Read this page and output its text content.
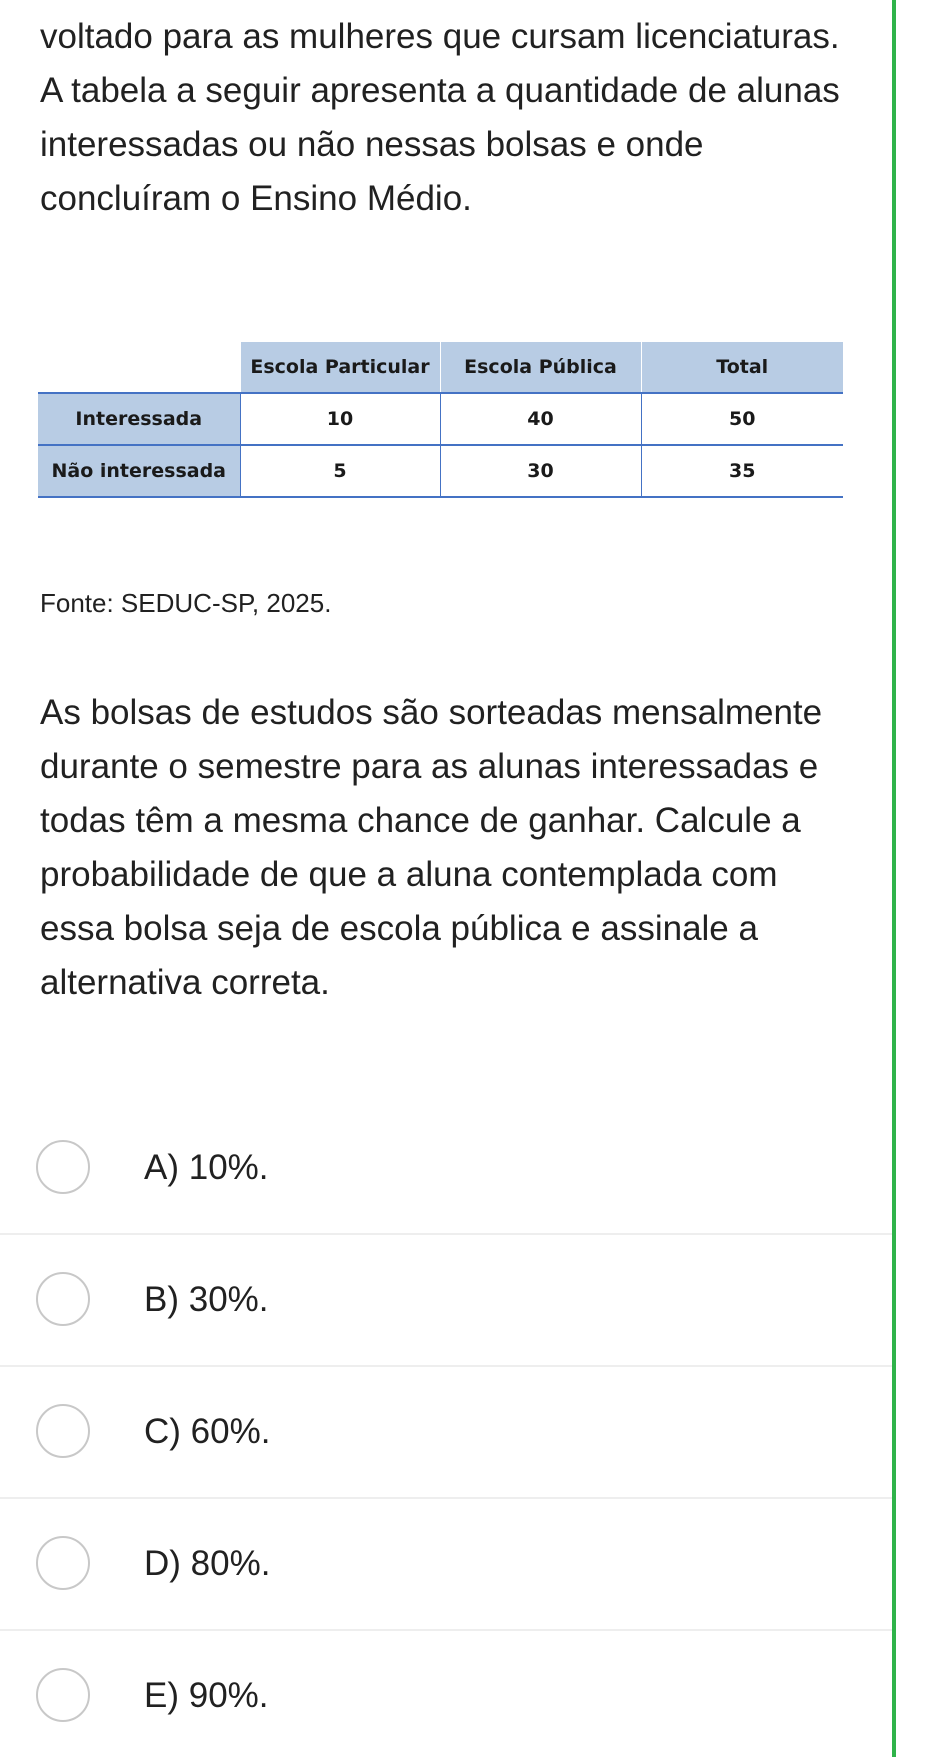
voltado para as mulheres que cursam licenciaturas. A tabela a seguir apresenta a quantidade de alunas interessadas ou não nessas bolsas e onde concluíram o Ensino Médio.

	Escola Particular	Escola Pública	Total
Interessada	10	40	50
Não interessada	5	30	35

Fonte: SEDUC-SP, 2025.

As bolsas de estudos são sorteadas mensalmente durante o semestre para as alunas interessadas e todas têm a mesma chance de ganhar. Calcule a probabilidade de que a aluna contemplada com essa bolsa seja de escola pública e assinale a alternativa correta.

A) 10%.
B) 30%.
C) 60%.
D) 80%.
E) 90%.
